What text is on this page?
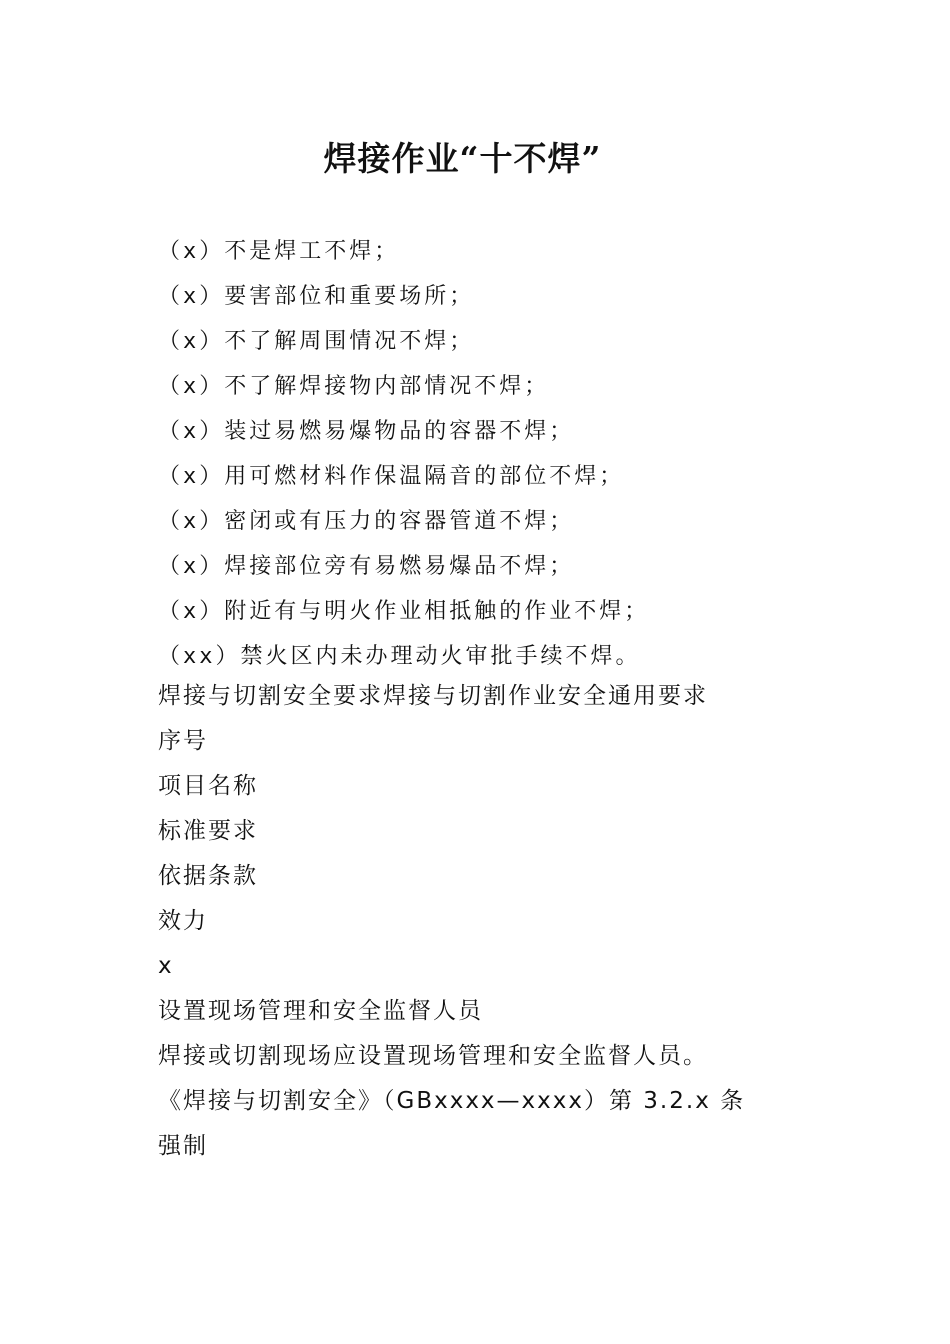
焊接作业“十不焊”
（x）不是焊工不焊；
（x）要害部位和重要场所；
（x）不了解周围情况不焊；
（x）不了解焊接物内部情况不焊；
（x）装过易燃易爆物品的容器不焊；
（x）用可燃材料作保温隔音的部位不焊；
（x）密闭或有压力的容器管道不焊；
（x）焊接部位旁有易燃易爆品不焊；
（x）附近有与明火作业相抵触的作业不焊；
（xx）禁火区内未办理动火审批手续不焊。
焊接与切割安全要求焊接与切割作业安全通用要求
序号
项目名称
标准要求
依据条款
效力
x
设置现场管理和安全监督人员
焊接或切割现场应设置现场管理和安全监督人员。
《焊接与切割安全》（GBxxxx—xxxx）第 3.2.x 条
强制
